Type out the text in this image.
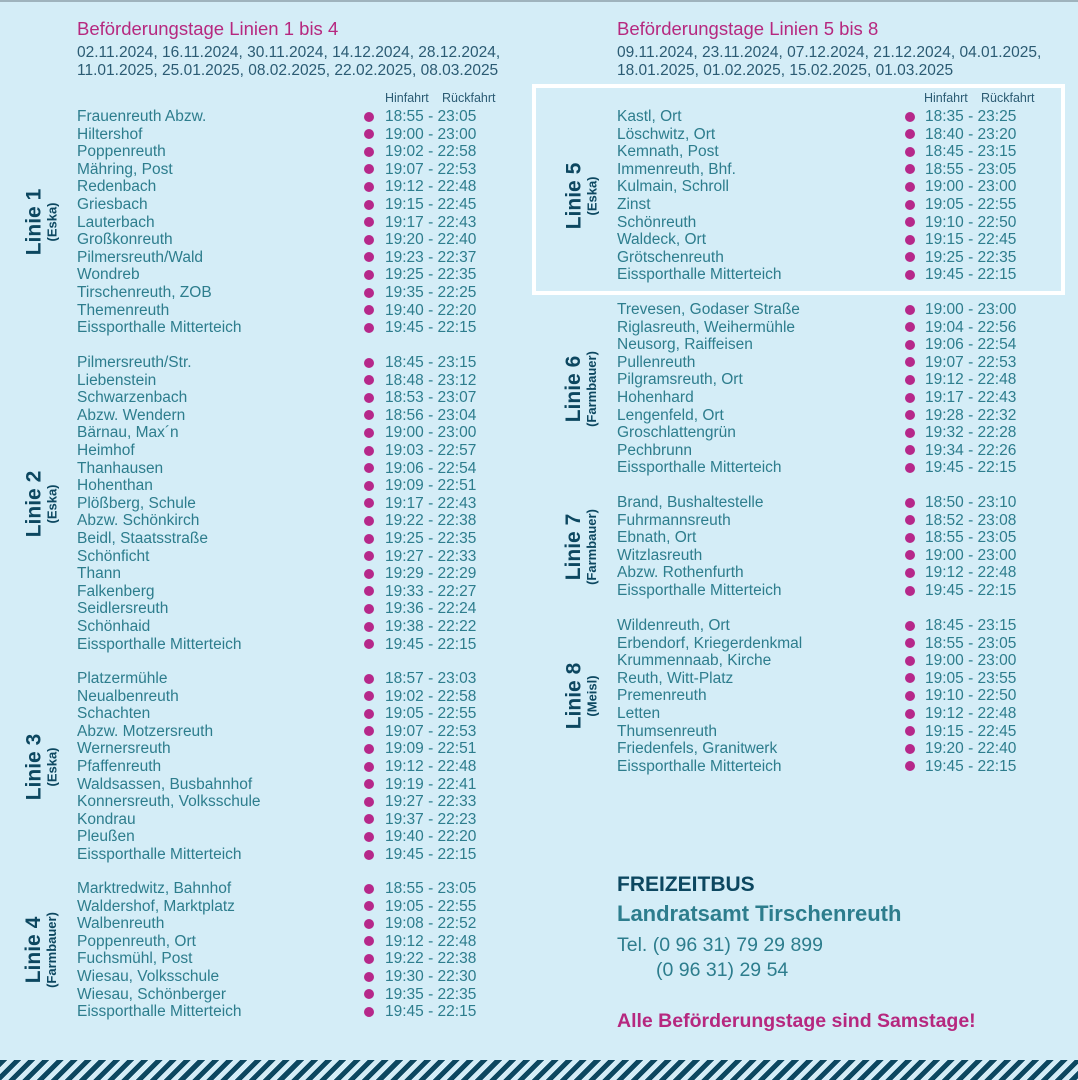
Beförderungstage Linien 1 bis 4
02.11.2024, 16.11.2024, 30.11.2024, 14.12.2024, 28.12.2024,
11.01.2025, 25.01.2025, 08.02.2025, 22.02.2025, 08.03.2025
Hinfahrt Rückfahrt
Beförderungstage Linien 5 bis 8
09.11.2024, 23.11.2024, 07.12.2024, 21.12.2024, 04.01.2025,
18.01.2025, 01.02.2025, 15.02.2025, 01.03.2025
Hinfahrt Rückfahrt
Linie 1 (Eska)
Frauenreuth Abzw.	18:55 - 23:05
Hiltershof	19:00 - 23:00
Poppenreuth	19:02 - 22:58
Mähring, Post	19:07 - 22:53
Redenbach	19:12 - 22:48
Griesbach	19:15 - 22:45
Lauterbach	19:17 - 22:43
Großkonreuth	19:20 - 22:40
Pilmersreuth/Wald	19:23 - 22:37
Wondreb	19:25 - 22:35
Tirschenreuth, ZOB	19:35 - 22:25
Themenreuth	19:40 - 22:20
Eissporthalle Mitterteich	19:45 - 22:15
Linie 2 (Eska)
Pilmersreuth/Str.	18:45 - 23:15
Liebenstein	18:48 - 23:12
Schwarzenbach	18:53 - 23:07
Abzw. Wendern	18:56 - 23:04
Bärnau, Max´n	19:00 - 23:00
Heimhof	19:03 - 22:57
Thanhausen	19:06 - 22:54
Hohenthan	19:09 - 22:51
Plößberg, Schule	19:17 - 22:43
Abzw. Schönkirch	19:22 - 22:38
Beidl, Staatsstraße	19:25 - 22:35
Schönficht	19:27 - 22:33
Thann	19:29 - 22:29
Falkenberg	19:33 - 22:27
Seidlersreuth	19:36 - 22:24
Schönhaid	19:38 - 22:22
Eissporthalle Mitterteich	19:45 - 22:15
Linie 3 (Eska)
Platzermühle	18:57 - 23:03
Neualbenreuth	19:02 - 22:58
Schachten	19:05 - 22:55
Abzw. Motzersreuth	19:07 - 22:53
Wernersreuth	19:09 - 22:51
Pfaffenreuth	19:12 - 22:48
Waldsassen, Busbahnhof	19:19 - 22:41
Konnersreuth, Volksschule	19:27 - 22:33
Kondrau	19:37 - 22:23
Pleußen	19:40 - 22:20
Eissporthalle Mitterteich	19:45 - 22:15
Linie 4 (Farmbauer)
Marktredwitz, Bahnhof	18:55 - 23:05
Waldershof, Marktplatz	19:05 - 22:55
Walbenreuth	19:08 - 22:52
Poppenreuth, Ort	19:12 - 22:48
Fuchsmühl, Post	19:22 - 22:38
Wiesau, Volksschule	19:30 - 22:30
Wiesau, Schönberger	19:35 - 22:35
Eissporthalle Mitterteich	19:45 - 22:15
Linie 5 (Eska)
Kastl, Ort	18:35 - 23:25
Löschwitz, Ort	18:40 - 23:20
Kemnath, Post	18:45 - 23:15
Immenreuth, Bhf.	18:55 - 23:05
Kulmain, Schroll	19:00 - 23:00
Zinst	19:05 - 22:55
Schönreuth	19:10 - 22:50
Waldeck, Ort	19:15 - 22:45
Grötschenreuth	19:25 - 22:35
Eissporthalle Mitterteich	19:45 - 22:15
Linie 6 (Farmbauer)
Trevesen, Godaser Straße	19:00 - 23:00
Riglasreuth, Weihermühle	19:04 - 22:56
Neusorg, Raiffeisen	19:06 - 22:54
Pullenreuth	19:07 - 22:53
Pilgramsreuth, Ort	19:12 - 22:48
Hohenhard	19:17 - 22:43
Lengenfeld, Ort	19:28 - 22:32
Groschlattengrün	19:32 - 22:28
Pechbrunn	19:34 - 22:26
Eissporthalle Mitterteich	19:45 - 22:15
Linie 7 (Farmbauer)
Brand, Bushaltestelle	18:50 - 23:10
Fuhrmannsreuth	18:52 - 23:08
Ebnath, Ort	18:55 - 23:05
Witzlasreuth	19:00 - 23:00
Abzw. Rothenfurth	19:12 - 22:48
Eissporthalle Mitterteich	19:45 - 22:15
Linie 8 (Meisl)
Wildenreuth, Ort	18:45 - 23:15
Erbendorf, Kriegerdenkmal	18:55 - 23:05
Krummennaab, Kirche	19:00 - 23:00
Reuth, Witt-Platz	19:05 - 23:55
Premenreuth	19:10 - 22:50
Letten	19:12 - 22:48
Thumsenreuth	19:15 - 22:45
Friedenfels, Granitwerk	19:20 - 22:40
Eissporthalle Mitterteich	19:45 - 22:15
FREIZEITBUS
Landratsamt Tirschenreuth
Tel. (0 96 31) 79 29 899
(0 96 31) 29 54
Alle Beförderungstage sind Samstage!
